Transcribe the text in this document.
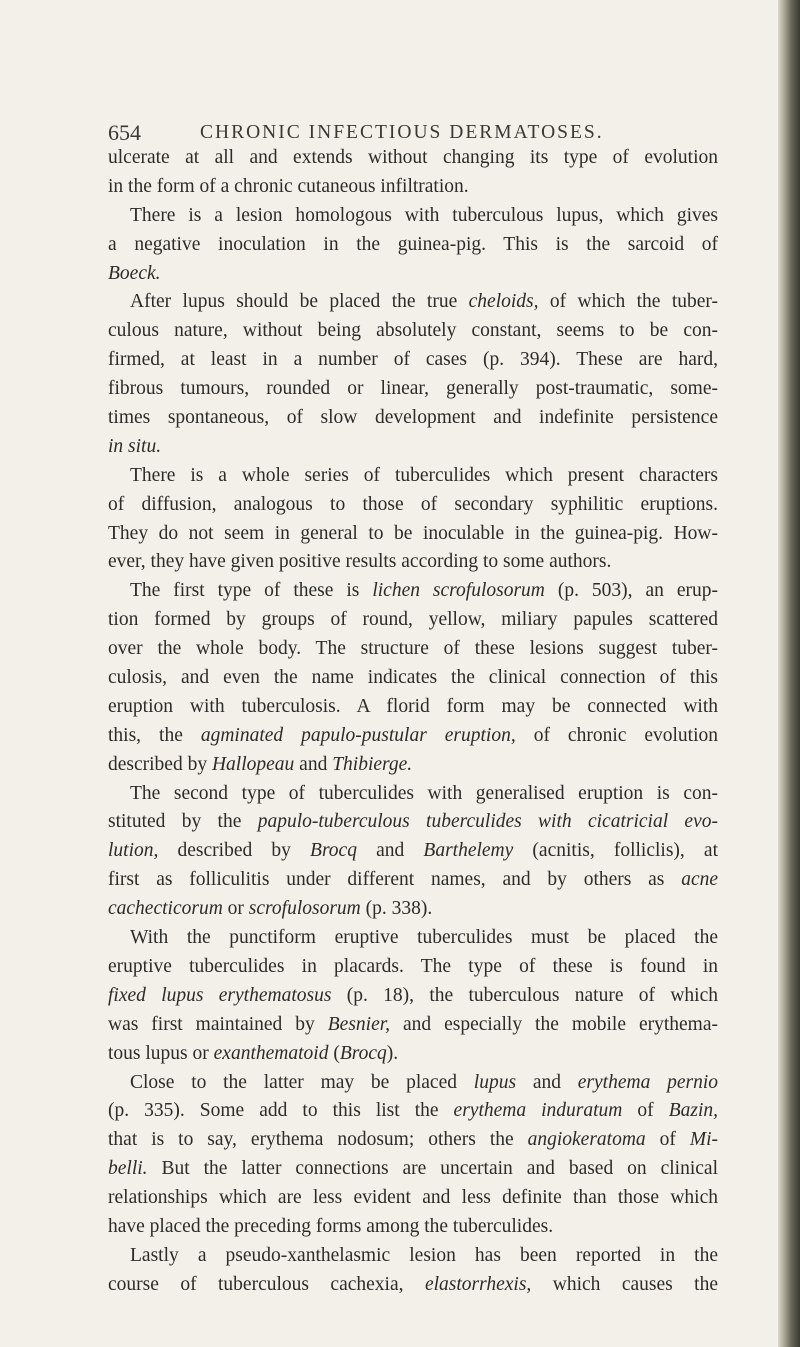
654	CHRONIC INFECTIOUS DERMATOSES.
ulcerate at all and extends without changing its type of evolution
in the form of a chronic cutaneous infiltration.
There is a lesion homologous with tuberculous lupus, which gives
a negative inoculation in the guinea-pig. This is the sarcoid of
Boeck.
After lupus should be placed the true cheloids, of which the tuber-
culous nature, without being absolutely constant, seems to be con-
firmed, at least in a number of cases (p. 394). These are hard,
fibrous tumours, rounded or linear, generally post-traumatic, some-
times spontaneous, of slow development and indefinite persistence
in situ.
There is a whole series of tuberculides which present characters
of diffusion, analogous to those of secondary syphilitic eruptions.
They do not seem in general to be inoculable in the guinea-pig. How-
ever, they have given positive results according to some authors.
The first type of these is lichen scrofulosorum (p. 503), an erup-
tion formed by groups of round, yellow, miliary papules scattered
over the whole body. The structure of these lesions suggest tuber-
culosis, and even the name indicates the clinical connection of this
eruption with tuberculosis. A florid form may be connected with
this, the agminated papulo-pustular eruption, of chronic evolution
described by Hallopeau and Thibierge.
The second type of tuberculides with generalised eruption is con-
stituted by the papulo-tuberculous tuberculides with cicatricial evo-
lution, described by Brocq and Barthelemy (acnitis, folliclis), at
first as folliculitis under different names, and by others as acne
cachecticorum or scrofulosorum (p. 338).
With the punctiform eruptive tuberculides must be placed the
eruptive tuberculides in placards. The type of these is found in
fixed lupus erythematosus (p. 18), the tuberculous nature of which
was first maintained by Besnier, and especially the mobile erythema-
tous lupus or exanthematoid (Brocq).
Close to the latter may be placed lupus and erythema pernio
(p. 335). Some add to this list the erythema induratum of Bazin,
that is to say, erythema nodosum; others the angiokeratoma of Mi-
belli. But the latter connections are uncertain and based on clinical
relationships which are less evident and less definite than those which
have placed the preceding forms among the tuberculides.
Lastly a pseudo-xanthelasmic lesion has been reported in the
course of tuberculous cachexia, elastorrhexis, which causes the
